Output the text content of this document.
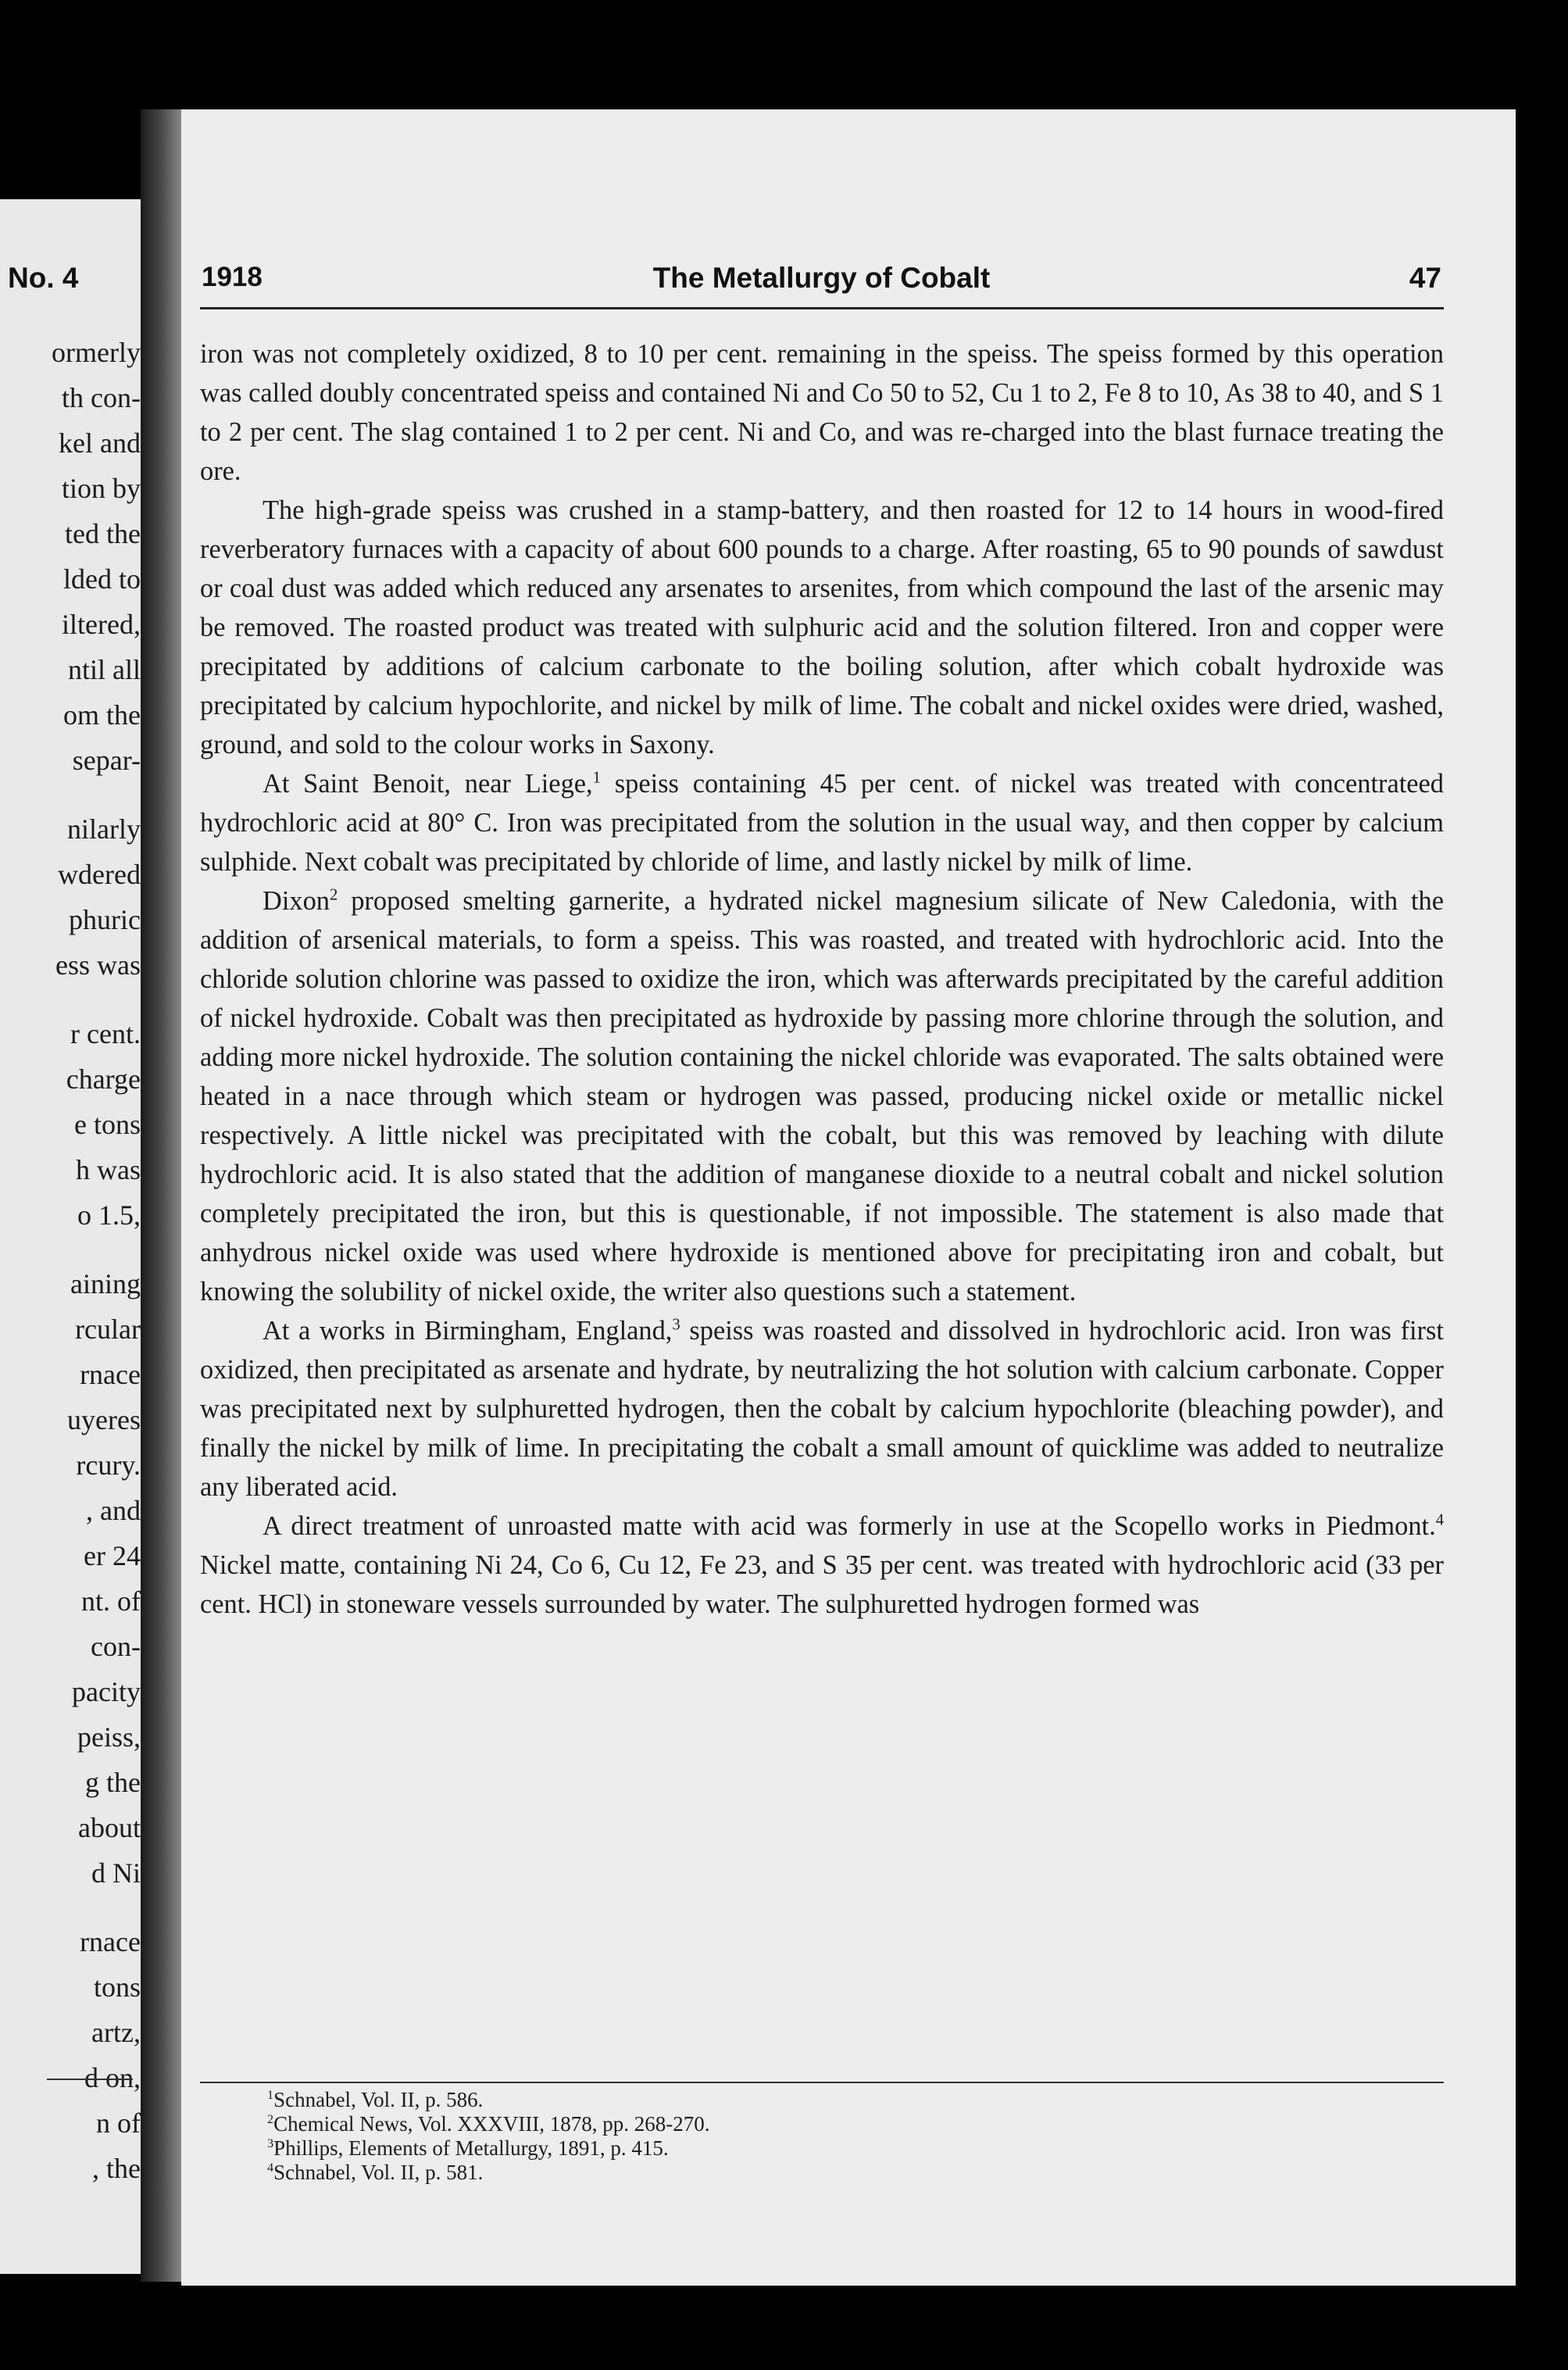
No. 4
ormerly
th con-
kel and
tion by
ted the
lded to
iltered,
ntil all
om the
separ-
nilarly
wdered
phuric
ess was
r cent.
charge
e tons
h was
o 1.5,
aining
rcular
rnace
uyeres
rcury.
, and
er 24
nt. of
con-
pacity
peiss,
g the
about
d Ni
rnace
tons
artz,
d on,
n of
, the
1918	The Metallurgy of Cobalt	47

iron was not completely oxidized, 8 to 10 per cent. remaining in the speiss. The speiss formed by this operation was called doubly concentrated speiss and contained Ni and Co 50 to 52, Cu 1 to 2, Fe 8 to 10, As 38 to 40, and S 1 to 2 per cent. The slag contained 1 to 2 per cent. Ni and Co, and was re-charged into the blast furnace treating the ore.

The high-grade speiss was crushed in a stamp-battery, and then roasted for 12 to 14 hours in wood-fired reverberatory furnaces with a capacity of about 600 pounds to a charge. After roasting, 65 to 90 pounds of sawdust or coal dust was added which reduced any arsenates to arsenites, from which compound the last of the arsenic may be removed. The roasted product was treated with sulphuric acid and the solution filtered. Iron and copper were precipitated by additions of calcium carbonate to the boiling solution, after which cobalt hydroxide was precipitated by calcium hypochlorite, and nickel by milk of lime. The cobalt and nickel oxides were dried, washed, ground, and sold to the colour works in Saxony.

At Saint Benoit, near Liege,$^1$ speiss containing 45 per cent. of nickel was treated with concentrateed hydrochloric acid at 80° C. Iron was precipitated from the solution in the usual way, and then copper by calcium sulphide. Next cobalt was precipitated by chloride of lime, and lastly nickel by milk of lime.

Dixon$^2$ proposed smelting garnerite, a hydrated nickel magnesium silicate of New Caledonia, with the addition of arsenical materials, to form a speiss. This was roasted, and treated with hydrochloric acid. Into the chloride solution chlorine was passed to oxidize the iron, which was afterwards precipitated by the careful addition of nickel hydroxide. Cobalt was then precipitated as hydroxide by passing more chlorine through the solution, and adding more nickel hydroxide. The solution containing the nickel chloride was evaporated. The salts obtained were heated in a nace through which steam or hydrogen was passed, producing nickel oxide or metallic nickel respectively. A little nickel was precipitated with the cobalt, but this was removed by leaching with dilute hydrochloric acid. It is also stated that the addition of manganese dioxide to a neutral cobalt and nickel solution completely precipitated the iron, but this is questionable, if not impossible. The statement is also made that anhydrous nickel oxide was used where hydroxide is mentioned above for precipitating iron and cobalt, but knowing the solubility of nickel oxide, the writer also questions such a statement.

At a works in Birmingham, England,$^3$ speiss was roasted and dissolved in hydrochloric acid. Iron was first oxidized, then precipitated as arsenate and hydrate, by neutralizing the hot solution with calcium carbonate. Copper was precipitated next by sulphuretted hydrogen, then the cobalt by calcium hypochlorite (bleaching powder), and finally the nickel by milk of lime. In precipitating the cobalt a small amount of quicklime was added to neutralize any liberated acid.

A direct treatment of unroasted matte with acid was formerly in use at the Scopello works in Piedmont.$^4$ Nickel matte, containing Ni 24, Co 6, Cu 12, Fe 23, and S 35 per cent. was treated with hydrochloric acid (33 per cent. HCl) in stoneware vessels surrounded by water. The sulphuretted hydrogen formed was

$^1$Schnabel, Vol. II, p. 586.
$^2$Chemical News, Vol. XXXVIII, 1878, pp. 268-270.
$^3$Phillips, Elements of Metallurgy, 1891, p. 415.
$^4$Schnabel, Vol. II, p. 581.
